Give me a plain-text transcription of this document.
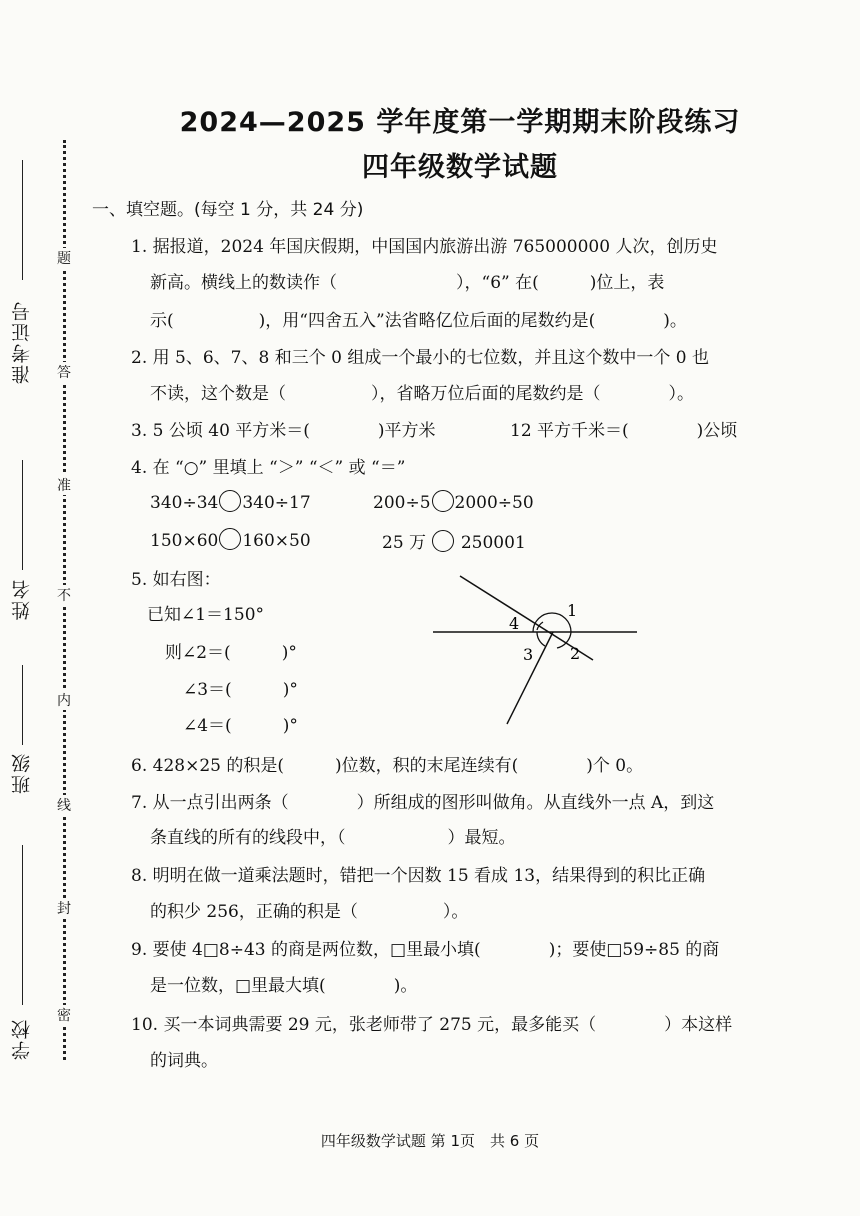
准考证号
姓名
班级
学校
题
答
准
不
内
线
封
密
2024—2025 学年度第一学期期末阶段练习
四年级数学试题
一、填空题。(每空 1 分，共 24 分)
1. 据报道，2024 年国庆假期，中国国内旅游出游 765000000 人次，创历史
新高。横线上的数读作（　　　　　　　），“6” 在(　　　)位上，表
示(　　　　　)，用“四舍五入”法省略亿位后面的尾数约是(　　　　)。
2. 用 5、6、7、8 和三个 0 组成一个最小的七位数，并且这个数中一个 0 也
不读，这个数是（　　　　　），省略万位后面的尾数约是（　　　　）。
3. 5 公顷 40 平方米＝(　　　　)平方米	12 平方千米＝(　　　　)公顷
4. 在 “○” 里填上 “＞” “＜” 或 “＝”
340÷34 340÷17	200÷5 2000÷50
150×60 160×50	25 万 250001
5. 如右图：
已知∠1＝150°
则∠2＝(　　　)°
∠3＝(　　　)°
∠4＝(　　　)°
1
2
3
4
6. 428×25 的积是(　　　)位数，积的末尾连续有(　　　　)个 0。
7. 从一点引出两条（　　　　）所组成的图形叫做角。从直线外一点 A，到这
条直线的所有的线段中，（　　　　　　）最短。
8. 明明在做一道乘法题时，错把一个因数 15 看成 13，结果得到的积比正确
的积少 256，正确的积是（　　　　　）。
9. 要使 4□8÷43 的商是两位数，□里最小填(　　　　)；要使□59÷85 的商
是一位数，□里最大填(　　　　)。
10. 买一本词典需要 29 元，张老师带了 275 元，最多能买（　　　　）本这样
的词典。
四年级数学试题 第 1页　共 6 页
